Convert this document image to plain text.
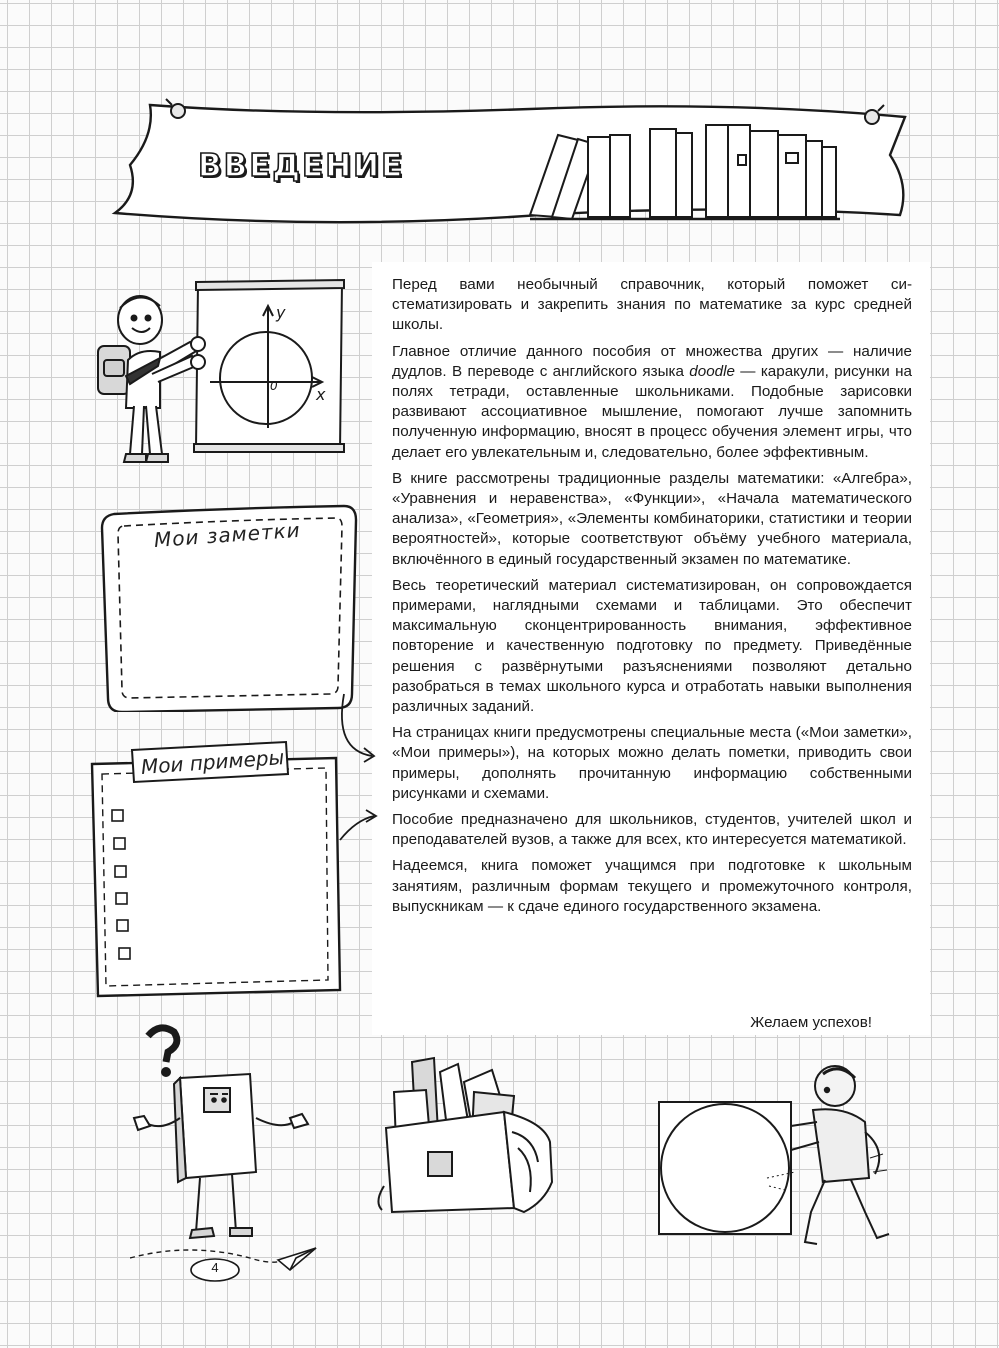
ВВЕДЕНИЕ
y
x
0

Перед вами необычный справочник, который поможет систематизировать и закрепить знания по математике за курс средней школы.

Главное отличие данного пособия от множества других — наличие дудлов. В переводе с английского языка doodle — каракули, рисунки на полях тетради, оставленные школьниками. Подобные зарисовки развивают ассоциативное мышление, помогают лучше запомнить полученную информацию, вносят в процесс обучения элемент игры, что делает его увлекательным и, следовательно, более эффективным.

В книге рассмотрены традиционные разделы математики: «Алгебра», «Уравнения и неравенства», «Функции», «Начала математического анализа», «Геометрия», «Элементы комбинаторики, статистики и теории вероятностей», которые соответствуют объёму учебного материала, включённого в единый государственный экзамен по математике.

Весь теоретический материал систематизирован, он сопровождается примерами, наглядными схемами и таблицами. Это обеспечит максимальную сконцентрированность внимания, эффективное повторение и качественную подготовку по предмету. Приведённые решения с развёрнутыми разъяснениями позволяют детально разобраться в темах школьного курса и отработать навыки выполнения различных заданий.

На страницах книги предусмотрены специальные места («Мои заметки», «Мои примеры»), на которых можно делать пометки, приводить свои примеры, дополнять прочитанную информацию собственными рисунками и схемами.

Пособие предназначено для школьников, студентов, учителей школ и преподавателей вузов, а также для всех, кто интересуется математикой.

Надеемся, книга поможет учащимся при подготовке к школьным занятиям, различным формам текущего и промежуточного контроля, выпускникам — к сдаче единого государственного экзамена.

Желаем успехов!
Мои заметки
Мои примеры
4
